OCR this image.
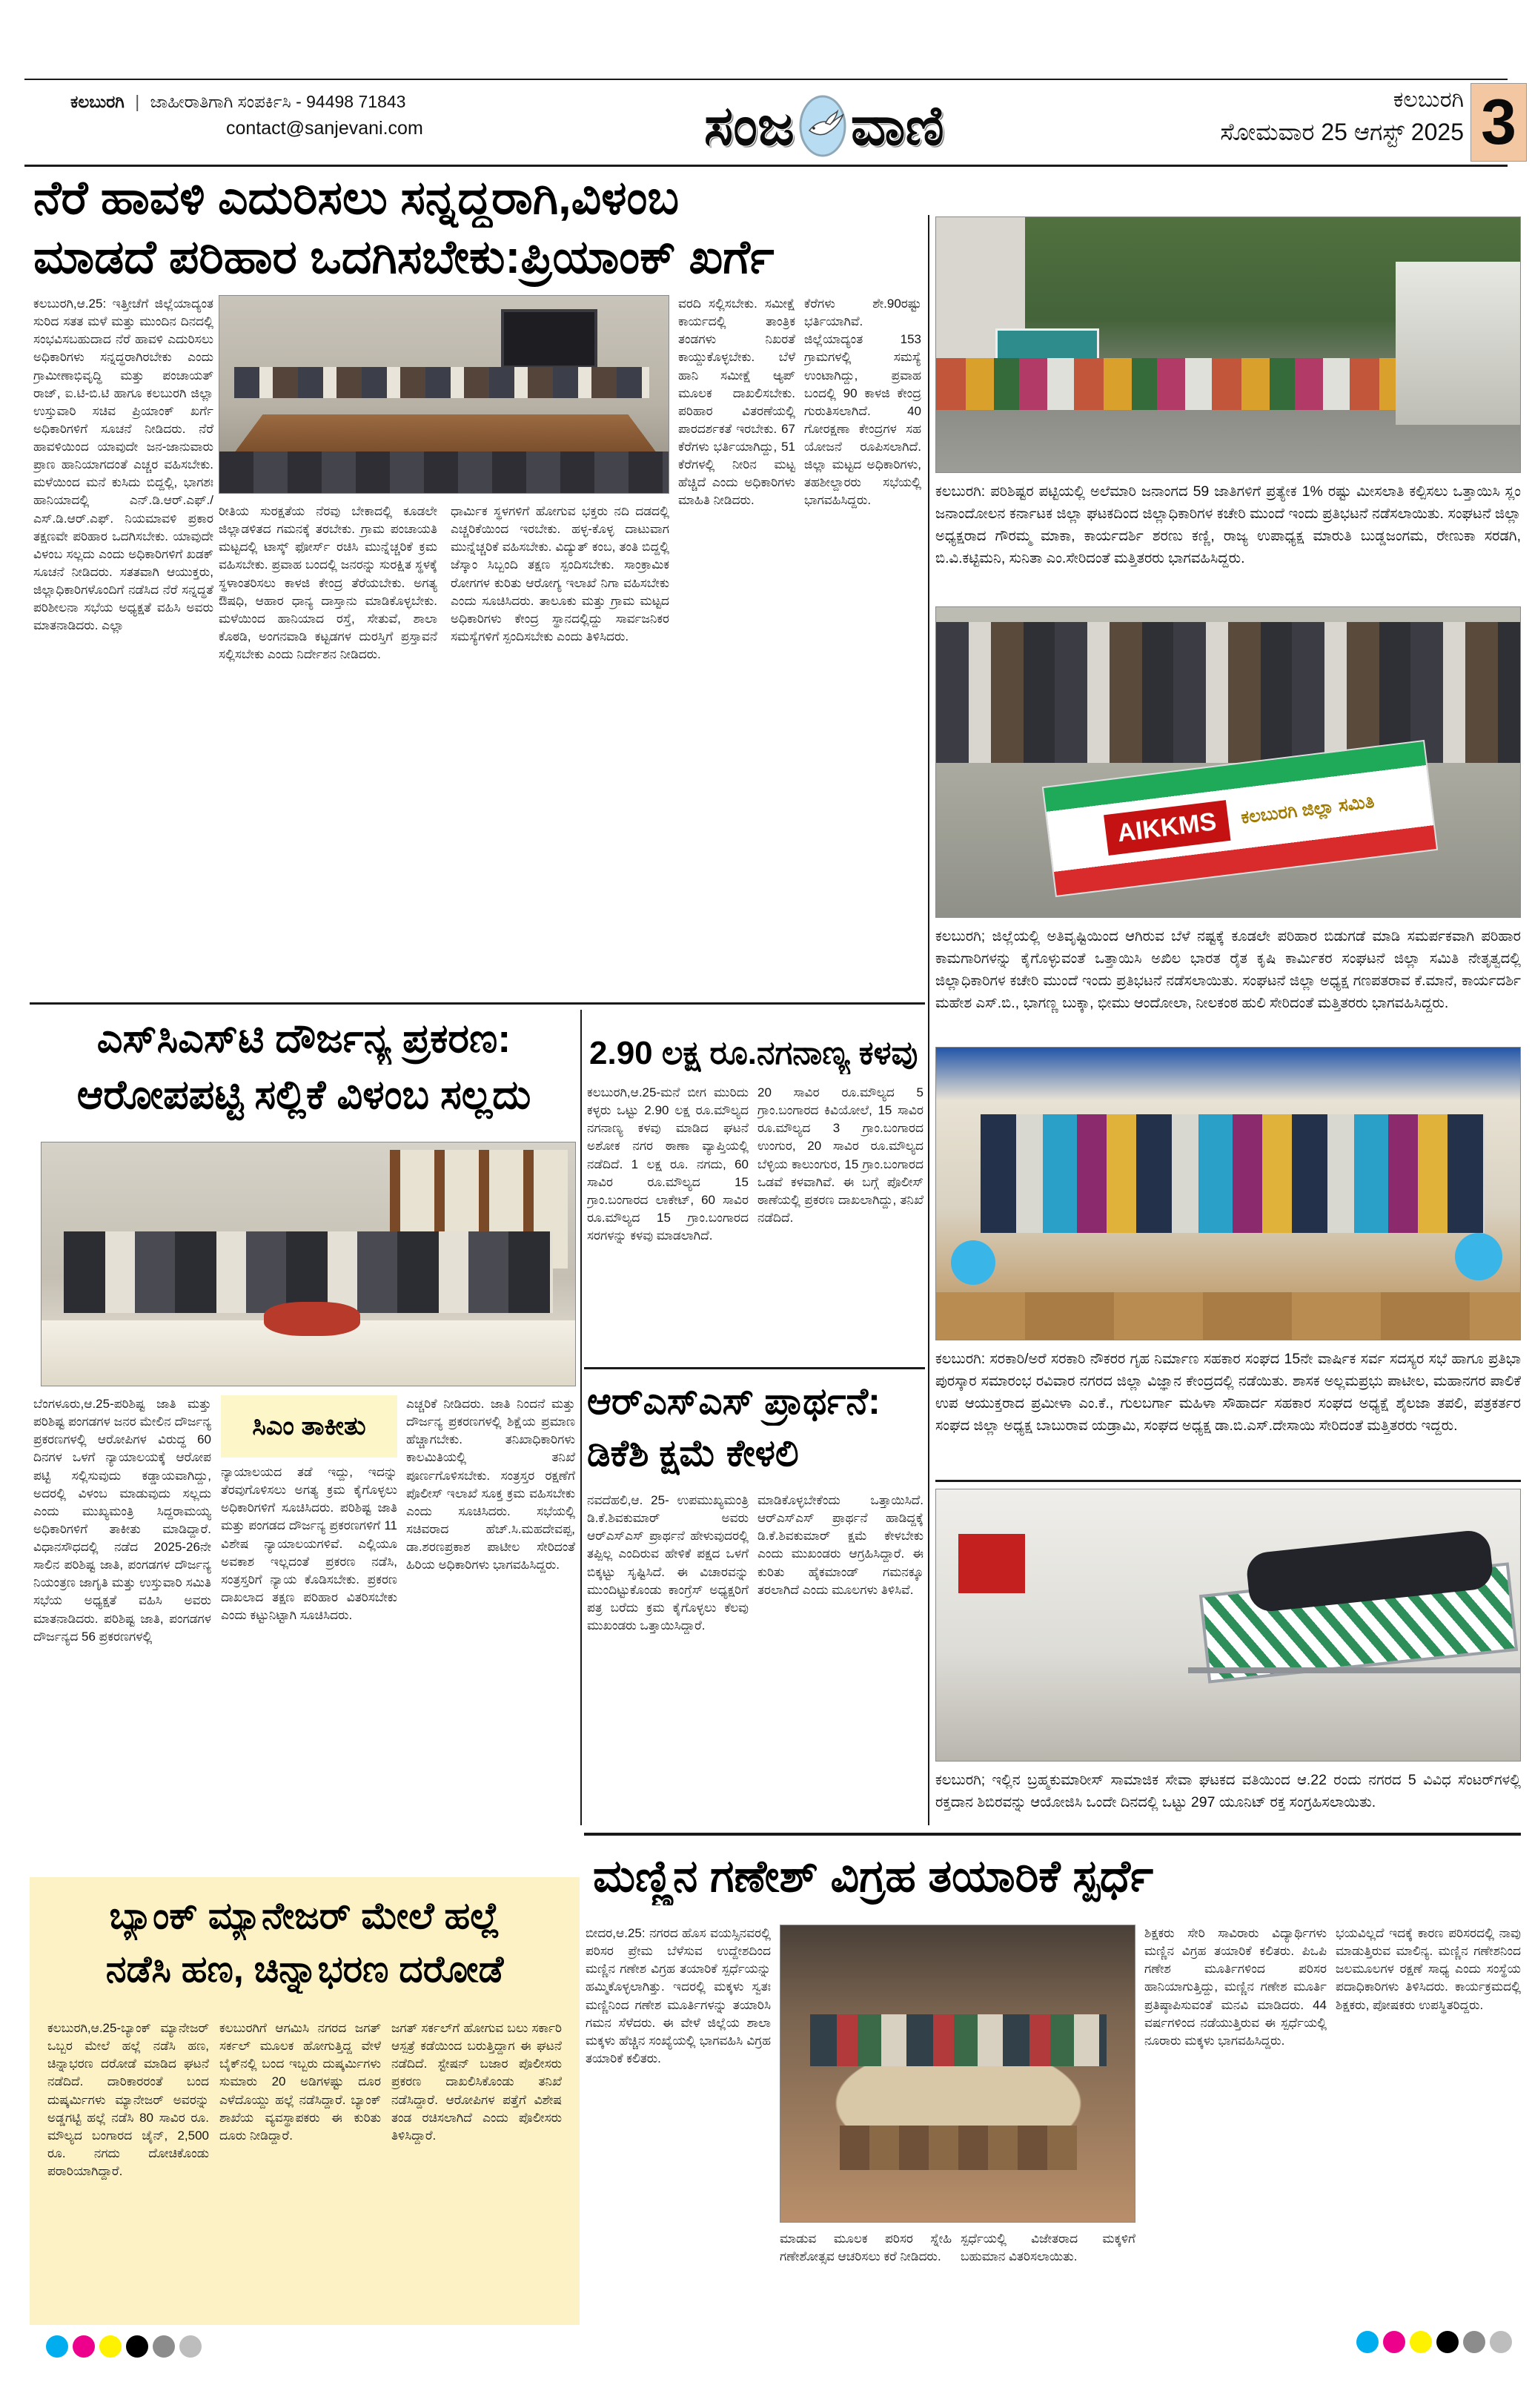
ಕಲಬುರಗಿ | ಜಾಹೀರಾತಿಗಾಗಿ ಸಂಪರ್ಕಿಸಿ - 94498 71843
contact@sanjevani.com	ಸಂಜ ವಾಣಿ	ಕಲಬುರಗಿ
ಸೋಮವಾರ 25 ಆಗಸ್ಟ್ 2025 3
ನೆರೆ ಹಾವಳಿ ಎದುರಿಸಲು ಸನ್ನದ್ಧರಾಗಿ,ವಿಳಂಬ
ಮಾಡದೆ ಪರಿಹಾರ ಒದಗಿಸಬೇಕು:ಪ್ರಿಯಾಂಕ್ ಖರ್ಗೆ
ಕಲಬುರಗಿ,ಆ.25: ಇತ್ತೀಚೆಗೆ ಜಿಲ್ಲೆಯಾದ್ಯಂತ ಸುರಿದ ಸತತ ಮಳೆ ಮತ್ತು ಮುಂದಿನ ದಿನದಲ್ಲಿ ಸಂಭವಿಸಬಹುದಾದ ನೆರೆ ಹಾವಳಿ ಎದುರಿಸಲು ಅಧಿಕಾರಿಗಳು ಸನ್ನದ್ಧರಾಗಿರಬೇಕು ಎಂದು ಗ್ರಾಮೀಣಾಭಿವೃದ್ಧಿ ಮತ್ತು ಪಂಚಾಯತ್ ರಾಜ್, ಐ.ಟಿ-ಬಿ.ಟಿ ಹಾಗೂ ಕಲಬುರಗಿ ಜಿಲ್ಲಾ ಉಸ್ತುವಾರಿ ಸಚಿವ ಪ್ರಿಯಾಂಕ್ ಖರ್ಗೆ ಅಧಿಕಾರಿಗಳಿಗೆ ಸೂಚನೆ ನೀಡಿದರು. ನೆರೆ ಹಾವಳಿಯಿಂದ ಯಾವುದೇ ಜನ-ಜಾನುವಾರು ಪ್ರಾಣ ಹಾನಿಯಾಗದಂತೆ ಎಚ್ಚರ ವಹಿಸಬೇಕು. ಮಳೆಯಿಂದ ಮನೆ ಕುಸಿದು ಬಿದ್ದಲ್ಲಿ, ಭಾಗಶಃ ಹಾನಿಯಾದಲ್ಲಿ ಎನ್.ಡಿ.ಆರ್.ಎಫ್./ಎಸ್.ಡಿ.ಆರ್.ಎಫ್. ನಿಯಮಾವಳಿ ಪ್ರಕಾರ ತಕ್ಷಣವೇ ಪರಿಹಾರ ಒದಗಿಸಬೇಕು. ಯಾವುದೇ ವಿಳಂಬ ಸಲ್ಲದು ಎಂದು ಅಧಿಕಾರಿಗಳಿಗೆ ಖಡಕ್ ಸೂಚನೆ ನೀಡಿದರು. ಸತತವಾಗಿ ಆಯುಕ್ತರು, ಜಿಲ್ಲಾಧಿಕಾರಿಗಳೊಂದಿಗೆ ನಡೆಸಿದ ನೆರೆ ಸನ್ನದ್ಧತೆ ಪರಿಶೀಲನಾ ಸಭೆಯ ಅಧ್ಯಕ್ಷತೆ ವಹಿಸಿ ಅವರು ಮಾತನಾಡಿದರು. ಎಲ್ಲಾ
ರೀತಿಯ ಸುರಕ್ಷತೆಯ ನೆರವು ಬೇಕಾದಲ್ಲಿ ಕೂಡಲೇ ಜಿಲ್ಲಾಡಳಿತದ ಗಮನಕ್ಕೆ ತರಬೇಕು. ಗ್ರಾಮ ಪಂಚಾಯತಿ ಮಟ್ಟದಲ್ಲಿ ಟಾಸ್ಕ್ ಫೋರ್ಸ್ ರಚಿಸಿ ಮುನ್ನೆಚ್ಚರಿಕೆ ಕ್ರಮ ವಹಿಸಬೇಕು. ಪ್ರವಾಹ ಬಂದಲ್ಲಿ ಜನರನ್ನು ಸುರಕ್ಷಿತ ಸ್ಥಳಕ್ಕೆ ಸ್ಥಳಾಂತರಿಸಲು ಕಾಳಜಿ ಕೇಂದ್ರ ತೆರೆಯಬೇಕು. ಅಗತ್ಯ ಔಷಧಿ, ಆಹಾರ ಧಾನ್ಯ ದಾಸ್ತಾನು ಮಾಡಿಕೊಳ್ಳಬೇಕು. ಮಳೆಯಿಂದ ಹಾನಿಯಾದ ರಸ್ತೆ, ಸೇತುವೆ, ಶಾಲಾ ಕೊಠಡಿ, ಅಂಗನವಾಡಿ ಕಟ್ಟಡಗಳ ದುರಸ್ತಿಗೆ ಪ್ರಸ್ತಾವನೆ ಸಲ್ಲಿಸಬೇಕು ಎಂದು ನಿರ್ದೇಶನ ನೀಡಿದರು.
ಧಾರ್ಮಿಕ ಸ್ಥಳಗಳಿಗೆ ಹೋಗುವ ಭಕ್ತರು ನದಿ ದಡದಲ್ಲಿ ಎಚ್ಚರಿಕೆಯಿಂದ ಇರಬೇಕು. ಹಳ್ಳ-ಕೊಳ್ಳ ದಾಟುವಾಗ ಮುನ್ನೆಚ್ಚರಿಕೆ ವಹಿಸಬೇಕು. ವಿದ್ಯುತ್ ಕಂಬ, ತಂತಿ ಬಿದ್ದಲ್ಲಿ ಜೆಸ್ಕಾಂ ಸಿಬ್ಬಂದಿ ತಕ್ಷಣ ಸ್ಪಂದಿಸಬೇಕು. ಸಾಂಕ್ರಾಮಿಕ ರೋಗಗಳ ಕುರಿತು ಆರೋಗ್ಯ ಇಲಾಖೆ ನಿಗಾ ವಹಿಸಬೇಕು ಎಂದು ಸೂಚಿಸಿದರು. ತಾಲೂಕು ಮತ್ತು ಗ್ರಾಮ ಮಟ್ಟದ ಅಧಿಕಾರಿಗಳು ಕೇಂದ್ರ ಸ್ಥಾನದಲ್ಲಿದ್ದು ಸಾರ್ವಜನಿಕರ ಸಮಸ್ಯೆಗಳಿಗೆ ಸ್ಪಂದಿಸಬೇಕು ಎಂದು ತಿಳಿಸಿದರು.
ವರದಿ ಸಲ್ಲಿಸಬೇಕು. ಸಮೀಕ್ಷೆ ಕಾರ್ಯದಲ್ಲಿ ತಾಂತ್ರಿಕ ತಂಡಗಳು ನಿಖರತೆ ಕಾಯ್ದುಕೊಳ್ಳಬೇಕು. ಬೆಳೆ ಹಾನಿ ಸಮೀಕ್ಷೆ ಆ್ಯಪ್ ಮೂಲಕ ದಾಖಲಿಸಬೇಕು. ಪರಿಹಾರ ವಿತರಣೆಯಲ್ಲಿ ಪಾರದರ್ಶಕತೆ ಇರಬೇಕು. 67 ಕೆರೆಗಳು ಭರ್ತಿಯಾಗಿದ್ದು, 51 ಕೆರೆಗಳಲ್ಲಿ ನೀರಿನ ಮಟ್ಟ ಹೆಚ್ಚಿದೆ ಎಂದು ಅಧಿಕಾರಿಗಳು ಮಾಹಿತಿ ನೀಡಿದರು.
ಕೆರೆಗಳು ಶೇ.90ರಷ್ಟು ಭರ್ತಿಯಾಗಿವೆ. ಜಿಲ್ಲೆಯಾದ್ಯಂತ 153 ಗ್ರಾಮಗಳಲ್ಲಿ ಸಮಸ್ಯೆ ಉಂಟಾಗಿದ್ದು, ಪ್ರವಾಹ ಬಂದಲ್ಲಿ 90 ಕಾಳಜಿ ಕೇಂದ್ರ ಗುರುತಿಸಲಾಗಿದೆ. 40 ಗೋರಕ್ಷಣಾ ಕೇಂದ್ರಗಳ ಸಹ ಯೋಜನೆ ರೂಪಿಸಲಾಗಿದೆ. ಜಿಲ್ಲಾ ಮಟ್ಟದ ಅಧಿಕಾರಿಗಳು, ತಹಶೀಲ್ದಾರರು ಸಭೆಯಲ್ಲಿ ಭಾಗವಹಿಸಿದ್ದರು.
ಕಲಬುರಗಿ: ಪರಿಶಿಷ್ಟರ ಪಟ್ಟಿಯಲ್ಲಿ ಅಲೆಮಾರಿ ಜನಾಂಗದ 59 ಜಾತಿಗಳಿಗೆ ಪ್ರತ್ಯೇಕ 1% ರಷ್ಟು ಮೀಸಲಾತಿ ಕಲ್ಪಿಸಲು ಒತ್ತಾಯಿಸಿ ಸ್ಲಂ ಜನಾಂದೋಲನ ಕರ್ನಾಟಕ ಜಿಲ್ಲಾ ಘಟಕದಿಂದ ಜಿಲ್ಲಾಧಿಕಾರಿಗಳ ಕಚೇರಿ ಮುಂದೆ ಇಂದು ಪ್ರತಿಭಟನೆ ನಡೆಸಲಾಯಿತು. ಸಂಘಟನೆ ಜಿಲ್ಲಾ ಅಧ್ಯಕ್ಷರಾದ ಗೌರಮ್ಮ ಮಾಕಾ, ಕಾರ್ಯದರ್ಶಿ ಶರಣು ಕಣ್ಣಿ, ರಾಜ್ಯ ಉಪಾಧ್ಯಕ್ಷ ಮಾರುತಿ ಬುಡ್ಡಜಂಗಮ, ರೇಣುಕಾ ಸರಡಗಿ, ಬಿ.ವಿ.ಕಟ್ಟಿಮನಿ, ಸುನಿತಾ ಎಂ.ಸೇರಿದಂತೆ ಮತ್ತಿತರರು ಭಾಗವಹಿಸಿದ್ದರು.
AIKKMS	ಕಲಬುರಗಿ ಜಿಲ್ಲಾ ಸಮಿತಿ
ಕಲಬುರಗಿ; ಜಿಲ್ಲೆಯಲ್ಲಿ ಅತಿವೃಷ್ಟಿಯಿಂದ ಆಗಿರುವ ಬೆಳೆ ನಷ್ಟಕ್ಕೆ ಕೂಡಲೇ ಪರಿಹಾರ ಬಿಡುಗಡೆ ಮಾಡಿ ಸಮರ್ಪಕವಾಗಿ ಪರಿಹಾರ ಕಾಮಗಾರಿಗಳನ್ನು ಕೈಗೊಳ್ಳುವಂತೆ ಒತ್ತಾಯಿಸಿ ಅಖಿಲ ಭಾರತ ರೈತ ಕೃಷಿ ಕಾರ್ಮಿಕರ ಸಂಘಟನೆ ಜಿಲ್ಲಾ ಸಮಿತಿ ನೇತೃತ್ವದಲ್ಲಿ ಜಿಲ್ಲಾಧಿಕಾರಿಗಳ ಕಚೇರಿ ಮುಂದೆ ಇಂದು ಪ್ರತಿಭಟನೆ ನಡೆಸಲಾಯಿತು. ಸಂಘಟನೆ ಜಿಲ್ಲಾ ಅಧ್ಯಕ್ಷ ಗಣಪತರಾವ ಕೆ.ಮಾನೆ, ಕಾರ್ಯದರ್ಶಿ ಮಹೇಶ ಎಸ್.ಬಿ., ಭಾಗಣ್ಣ ಬುಕ್ಕಾ, ಭೀಮು ಆಂದೋಲಾ, ನೀಲಕಂಠ ಹುಲಿ ಸೇರಿದಂತೆ ಮತ್ತಿತರರು ಭಾಗವಹಿಸಿದ್ದರು.
ಕಲಬುರಗಿ: ಸರಕಾರಿ/ಅರೆ ಸರಕಾರಿ ನೌಕರರ ಗೃಹ ನಿರ್ಮಾಣ ಸಹಕಾರ ಸಂಘದ 15ನೇ ವಾರ್ಷಿಕ ಸರ್ವ ಸದಸ್ಯರ ಸಭೆ ಹಾಗೂ ಪ್ರತಿಭಾ ಪುರಸ್ಕಾರ ಸಮಾರಂಭ ರವಿವಾರ ನಗರದ ಜಿಲ್ಲಾ ವಿಜ್ಞಾನ ಕೇಂದ್ರದಲ್ಲಿ ನಡೆಯಿತು. ಶಾಸಕ ಅಲ್ಲಮಪ್ರಭು ಪಾಟೀಲ, ಮಹಾನಗರ ಪಾಲಿಕೆ ಉಪ ಆಯುಕ್ತರಾದ ಪ್ರಮೀಳಾ ಎಂ.ಕೆ., ಗುಲಬರ್ಗಾ ಮಹಿಳಾ ಸೌಹಾರ್ದ ಸಹಕಾರ ಸಂಘದ ಅಧ್ಯಕ್ಷೆ ಶೈಲಜಾ ತಪಲಿ, ಪತ್ರಕರ್ತರ ಸಂಘದ ಜಿಲ್ಲಾ ಅಧ್ಯಕ್ಷ ಬಾಬುರಾವ ಯಡ್ರಾಮಿ, ಸಂಘದ ಅಧ್ಯಕ್ಷ ಡಾ.ಬಿ.ಎಸ್.ದೇಸಾಯಿ ಸೇರಿದಂತೆ ಮತ್ತಿತರರು ಇದ್ದರು.
ಕಲಬುರಗಿ; ಇಲ್ಲಿನ ಬ್ರಹ್ಮಕುಮಾರೀಸ್ ಸಾಮಾಜಿಕ ಸೇವಾ ಘಟಕದ ವತಿಯಿಂದ ಆ.22 ರಂದು ನಗರದ 5 ವಿವಿಧ ಸೆಂಟರ್‌ಗಳಲ್ಲಿ ರಕ್ತದಾನ ಶಿಬಿರವನ್ನು ಆಯೋಜಿಸಿ ಒಂದೇ ದಿನದಲ್ಲಿ ಒಟ್ಟು 297 ಯೂನಿಟ್ ರಕ್ತ ಸಂಗ್ರಹಿಸಲಾಯಿತು.
ಎಸ್‌ಸಿಎಸ್‌ಟಿ ದೌರ್ಜನ್ಯ ಪ್ರಕರಣ:
ಆರೋಪಪಟ್ಟಿ ಸಲ್ಲಿಕೆ ವಿಳಂಬ ಸಲ್ಲದು
ಬೆಂಗಳೂರು,ಆ.25-ಪರಿಶಿಷ್ಟ ಜಾತಿ ಮತ್ತು ಪರಿಶಿಷ್ಟ ಪಂಗಡಗಳ ಜನರ ಮೇಲಿನ ದೌರ್ಜನ್ಯ ಪ್ರಕರಣಗಳಲ್ಲಿ ಆರೋಪಿಗಳ ವಿರುದ್ಧ 60 ದಿನಗಳ ಒಳಗೆ ನ್ಯಾಯಾಲಯಕ್ಕೆ ಆರೋಪ ಪಟ್ಟಿ ಸಲ್ಲಿಸುವುದು ಕಡ್ಡಾಯವಾಗಿದ್ದು, ಅದರಲ್ಲಿ ವಿಳಂಬ ಮಾಡುವುದು ಸಲ್ಲದು ಎಂದು ಮುಖ್ಯಮಂತ್ರಿ ಸಿದ್ದರಾಮಯ್ಯ ಅಧಿಕಾರಿಗಳಿಗೆ ತಾಕೀತು ಮಾಡಿದ್ದಾರೆ. ವಿಧಾನಸೌಧದಲ್ಲಿ ನಡೆದ 2025-26ನೇ ಸಾಲಿನ ಪರಿಶಿಷ್ಟ ಜಾತಿ, ಪಂಗಡಗಳ ದೌರ್ಜನ್ಯ ನಿಯಂತ್ರಣ ಜಾಗೃತಿ ಮತ್ತು ಉಸ್ತುವಾರಿ ಸಮಿತಿ ಸಭೆಯ ಅಧ್ಯಕ್ಷತೆ ವಹಿಸಿ ಅವರು ಮಾತನಾಡಿದರು. ಪರಿಶಿಷ್ಟ ಜಾತಿ, ಪಂಗಡಗಳ ದೌರ್ಜನ್ಯದ 56 ಪ್ರಕರಣಗಳಲ್ಲಿ
ಸಿಎಂ ತಾಕೀತು
ನ್ಯಾಯಾಲಯದ ತಡೆ ಇದ್ದು, ಇದನ್ನು ತೆರವುಗೊಳಿಸಲು ಅಗತ್ಯ ಕ್ರಮ ಕೈಗೊಳ್ಳಲು ಅಧಿಕಾರಿಗಳಿಗೆ ಸೂಚಿಸಿದರು. ಪರಿಶಿಷ್ಟ ಜಾತಿ ಮತ್ತು ಪಂಗಡದ ದೌರ್ಜನ್ಯ ಪ್ರಕರಣಗಳಿಗೆ 11 ವಿಶೇಷ ನ್ಯಾಯಾಲಯಗಳಿವೆ. ಎಲ್ಲಿಯೂ ಅವಕಾಶ ಇಲ್ಲದಂತೆ ಪ್ರಕರಣ ನಡೆಸಿ, ಸಂತ್ರಸ್ತರಿಗೆ ನ್ಯಾಯ ಕೊಡಿಸಬೇಕು. ಪ್ರಕರಣ ದಾಖಲಾದ ತಕ್ಷಣ ಪರಿಹಾರ ವಿತರಿಸಬೇಕು ಎಂದು ಕಟ್ಟುನಿಟ್ಟಾಗಿ ಸೂಚಿಸಿದರು.
ಎಚ್ಚರಿಕೆ ನೀಡಿದರು. ಜಾತಿ ನಿಂದನೆ ಮತ್ತು ದೌರ್ಜನ್ಯ ಪ್ರಕರಣಗಳಲ್ಲಿ ಶಿಕ್ಷೆಯ ಪ್ರಮಾಣ ಹೆಚ್ಚಾಗಬೇಕು. ತನಿಖಾಧಿಕಾರಿಗಳು ಕಾಲಮಿತಿಯಲ್ಲಿ ತನಿಖೆ ಪೂರ್ಣಗೊಳಿಸಬೇಕು. ಸಂತ್ರಸ್ತರ ರಕ್ಷಣೆಗೆ ಪೊಲೀಸ್ ಇಲಾಖೆ ಸೂಕ್ತ ಕ್ರಮ ವಹಿಸಬೇಕು ಎಂದು ಸೂಚಿಸಿದರು. ಸಭೆಯಲ್ಲಿ ಸಚಿವರಾದ ಹೆಚ್.ಸಿ.ಮಹದೇವಪ್ಪ, ಡಾ.ಶರಣಪ್ರಕಾಶ ಪಾಟೀಲ ಸೇರಿದಂತೆ ಹಿರಿಯ ಅಧಿಕಾರಿಗಳು ಭಾಗವಹಿಸಿದ್ದರು.
2.90 ಲಕ್ಷ ರೂ.ನಗನಾಣ್ಯ ಕಳವು
ಕಲಬುರಗಿ,ಆ.25-ಮನೆ ಬೀಗ ಮುರಿದು ಕಳ್ಳರು ಒಟ್ಟು 2.90 ಲಕ್ಷ ರೂ.ಮೌಲ್ಯದ ನಗನಾಣ್ಯ ಕಳವು ಮಾಡಿದ ಘಟನೆ ಅಶೋಕ ನಗರ ಠಾಣಾ ವ್ಯಾಪ್ತಿಯಲ್ಲಿ ನಡೆದಿದೆ. 1 ಲಕ್ಷ ರೂ. ನಗದು, 60 ಸಾವಿರ ರೂ.ಮೌಲ್ಯದ 15 ಗ್ರಾಂ.ಬಂಗಾರದ ಲಾಕೇಟ್, 60 ಸಾವಿರ ರೂ.ಮೌಲ್ಯದ 15 ಗ್ರಾಂ.ಬಂಗಾರದ ಸರಗಳನ್ನು ಕಳವು ಮಾಡಲಾಗಿದೆ.
20 ಸಾವಿರ ರೂ.ಮೌಲ್ಯದ 5 ಗ್ರಾಂ.ಬಂಗಾರದ ಕಿವಿಯೋಲೆ, 15 ಸಾವಿರ ರೂ.ಮೌಲ್ಯದ 3 ಗ್ರಾಂ.ಬಂಗಾರದ ಉಂಗುರ, 20 ಸಾವಿರ ರೂ.ಮೌಲ್ಯದ ಬೆಳ್ಳಿಯ ಕಾಲುಂಗುರ, 15 ಗ್ರಾಂ.ಬಂಗಾರದ ಒಡವೆ ಕಳವಾಗಿವೆ. ಈ ಬಗ್ಗೆ ಪೊಲೀಸ್ ಠಾಣೆಯಲ್ಲಿ ಪ್ರಕರಣ ದಾಖಲಾಗಿದ್ದು, ತನಿಖೆ ನಡೆದಿದೆ.
ಆರ್‌ಎಸ್‌ಎಸ್ ಪ್ರಾರ್ಥನೆ:
ಡಿಕೆಶಿ ಕ್ಷಮೆ ಕೇಳಲಿ
ನವದೆಹಲಿ,ಆ. 25- ಉಪಮುಖ್ಯಮಂತ್ರಿ ಡಿ.ಕೆ.ಶಿವಕುಮಾರ್ ಅವರು ಆರ್‌ಎಸ್‌ಎಸ್ ಪ್ರಾರ್ಥನೆ ಹೇಳುವುದರಲ್ಲಿ ತಪ್ಪಿಲ್ಲ ಎಂದಿರುವ ಹೇಳಿಕೆ ಪಕ್ಷದ ಒಳಗೆ ಬಿಕ್ಕಟ್ಟು ಸೃಷ್ಟಿಸಿದೆ. ಈ ವಿಚಾರವನ್ನು ಮುಂದಿಟ್ಟುಕೊಂಡು ಕಾಂಗ್ರೆಸ್ ಅಧ್ಯಕ್ಷರಿಗೆ ಪತ್ರ ಬರೆದು ಕ್ರಮ ಕೈಗೊಳ್ಳಲು ಕೆಲವು ಮುಖಂಡರು ಒತ್ತಾಯಿಸಿದ್ದಾರೆ.
ಮಾಡಿಕೊಳ್ಳಬೇಕೆಂದು ಒತ್ತಾಯಿಸಿದೆ. ಆರ್‌ಎಸ್‌ಎಸ್ ಪ್ರಾರ್ಥನೆ ಹಾಡಿದ್ದಕ್ಕೆ ಡಿ.ಕೆ.ಶಿವಕುಮಾರ್ ಕ್ಷಮೆ ಕೇಳಬೇಕು ಎಂದು ಮುಖಂಡರು ಆಗ್ರಹಿಸಿದ್ದಾರೆ. ಈ ಕುರಿತು ಹೈಕಮಾಂಡ್ ಗಮನಕ್ಕೂ ತರಲಾಗಿದೆ ಎಂದು ಮೂಲಗಳು ತಿಳಿಸಿವೆ.
ಮಣ್ಣಿನ ಗಣೇಶ್ ವಿಗ್ರಹ ತಯಾರಿಕೆ ಸ್ಪರ್ಧೆ
ಬೀದರ,ಆ.25: ನಗರದ ಹೊಸ ವಯಸ್ಸಿನವರಲ್ಲಿ ಪರಿಸರ ಪ್ರೇಮ ಬೆಳೆಸುವ ಉದ್ದೇಶದಿಂದ ಮಣ್ಣಿನ ಗಣೇಶ ವಿಗ್ರಹ ತಯಾರಿಕೆ ಸ್ಪರ್ಧೆಯನ್ನು ಹಮ್ಮಿಕೊಳ್ಳಲಾಗಿತ್ತು. ಇದರಲ್ಲಿ ಮಕ್ಕಳು ಸ್ವತಃ ಮಣ್ಣಿನಿಂದ ಗಣೇಶ ಮೂರ್ತಿಗಳನ್ನು ತಯಾರಿಸಿ ಗಮನ ಸೆಳೆದರು. ಈ ವೇಳೆ ಜಿಲ್ಲೆಯ ಶಾಲಾ ಮಕ್ಕಳು ಹೆಚ್ಚಿನ ಸಂಖ್ಯೆಯಲ್ಲಿ ಭಾಗವಹಿಸಿ ವಿಗ್ರಹ ತಯಾರಿಕೆ ಕಲಿತರು.
ಮಾಡುವ ಮೂಲಕ ಪರಿಸರ ಸ್ನೇಹಿ ಗಣೇಶೋತ್ಸವ ಆಚರಿಸಲು ಕರೆ ನೀಡಿದರು.
ಸ್ಪರ್ಧೆಯಲ್ಲಿ ವಿಜೇತರಾದ ಮಕ್ಕಳಿಗೆ ಬಹುಮಾನ ವಿತರಿಸಲಾಯಿತು.
ಶಿಕ್ಷಕರು ಸೇರಿ ಸಾವಿರಾರು ವಿದ್ಯಾರ್ಥಿಗಳು ಮಣ್ಣಿನ ವಿಗ್ರಹ ತಯಾರಿಕೆ ಕಲಿತರು. ಪಿಒಪಿ ಗಣೇಶ ಮೂರ್ತಿಗಳಿಂದ ಪರಿಸರ ಹಾನಿಯಾಗುತ್ತಿದ್ದು, ಮಣ್ಣಿನ ಗಣೇಶ ಮೂರ್ತಿ ಪ್ರತಿಷ್ಠಾಪಿಸುವಂತೆ ಮನವಿ ಮಾಡಿದರು. 44 ವರ್ಷಗಳಿಂದ ನಡೆಯುತ್ತಿರುವ ಈ ಸ್ಪರ್ಧೆಯಲ್ಲಿ ನೂರಾರು ಮಕ್ಕಳು ಭಾಗವಹಿಸಿದ್ದರು.
ಭಯವಿಲ್ಲದೆ ಇದಕ್ಕೆ ಕಾರಣ ಪರಿಸರದಲ್ಲಿ ನಾವು ಮಾಡುತ್ತಿರುವ ಮಾಲಿನ್ಯ. ಮಣ್ಣಿನ ಗಣೇಶನಿಂದ ಜಲಮೂಲಗಳ ರಕ್ಷಣೆ ಸಾಧ್ಯ ಎಂದು ಸಂಸ್ಥೆಯ ಪದಾಧಿಕಾರಿಗಳು ತಿಳಿಸಿದರು. ಕಾರ್ಯಕ್ರಮದಲ್ಲಿ ಶಿಕ್ಷಕರು, ಪೋಷಕರು ಉಪಸ್ಥಿತರಿದ್ದರು.
ಬ್ಯಾಂಕ್ ಮ್ಯಾನೇಜರ್ ಮೇಲೆ ಹಲ್ಲೆ
ನಡೆಸಿ ಹಣ, ಚಿನ್ನಾಭರಣ ದರೋಡೆ
ಕಲಬುರಗಿ,ಆ.25-ಬ್ಯಾಂಕ್ ಮ್ಯಾನೇಜರ್ ಒಬ್ಬರ ಮೇಲೆ ಹಲ್ಲೆ ನಡೆಸಿ ಹಣ, ಚಿನ್ನಾಭರಣ ದರೋಡೆ ಮಾಡಿದ ಘಟನೆ ನಡೆದಿದೆ. ದಾರಿಕಾರರಂತೆ ಬಂದ ದುಷ್ಕರ್ಮಿಗಳು ಮ್ಯಾನೇಜರ್ ಅವರನ್ನು ಅಡ್ಡಗಟ್ಟಿ ಹಲ್ಲೆ ನಡೆಸಿ 80 ಸಾವಿರ ರೂ. ಮೌಲ್ಯದ ಬಂಗಾರದ ಚೈನ್, 2,500 ರೂ. ನಗದು ದೋಚಿಕೊಂಡು ಪರಾರಿಯಾಗಿದ್ದಾರೆ.
ಕಲಬುರಗಿಗೆ ಆಗಮಿಸಿ ನಗರದ ಜಗತ್ ಸರ್ಕಲ್ ಮೂಲಕ ಹೋಗುತ್ತಿದ್ದ ವೇಳೆ ಬೈಕ್‌ನಲ್ಲಿ ಬಂದ ಇಬ್ಬರು ದುಷ್ಕರ್ಮಿಗಳು ಸುಮಾರು 20 ಅಡಿಗಳಷ್ಟು ದೂರ ಎಳೆದೊಯ್ದು ಹಲ್ಲೆ ನಡೆಸಿದ್ದಾರೆ. ಬ್ಯಾಂಕ್ ಶಾಖೆಯ ವ್ಯವಸ್ಥಾಪಕರು ಈ ಕುರಿತು ದೂರು ನೀಡಿದ್ದಾರೆ.
ಜಗತ್ ಸರ್ಕಲ್‌ಗೆ ಹೋಗುವ ಬಲು ಸರ್ಕಾರಿ ಆಸ್ಪತ್ರೆ ಕಡೆಯಿಂದ ಬರುತ್ತಿದ್ದಾಗ ಈ ಘಟನೆ ನಡೆದಿದೆ. ಸ್ಟೇಷನ್ ಬಜಾರ ಪೊಲೀಸರು ಪ್ರಕರಣ ದಾಖಲಿಸಿಕೊಂಡು ತನಿಖೆ ನಡೆಸಿದ್ದಾರೆ. ಆರೋಪಿಗಳ ಪತ್ತೆಗೆ ವಿಶೇಷ ತಂಡ ರಚಿಸಲಾಗಿದೆ ಎಂದು ಪೊಲೀಸರು ತಿಳಿಸಿದ್ದಾರೆ.
